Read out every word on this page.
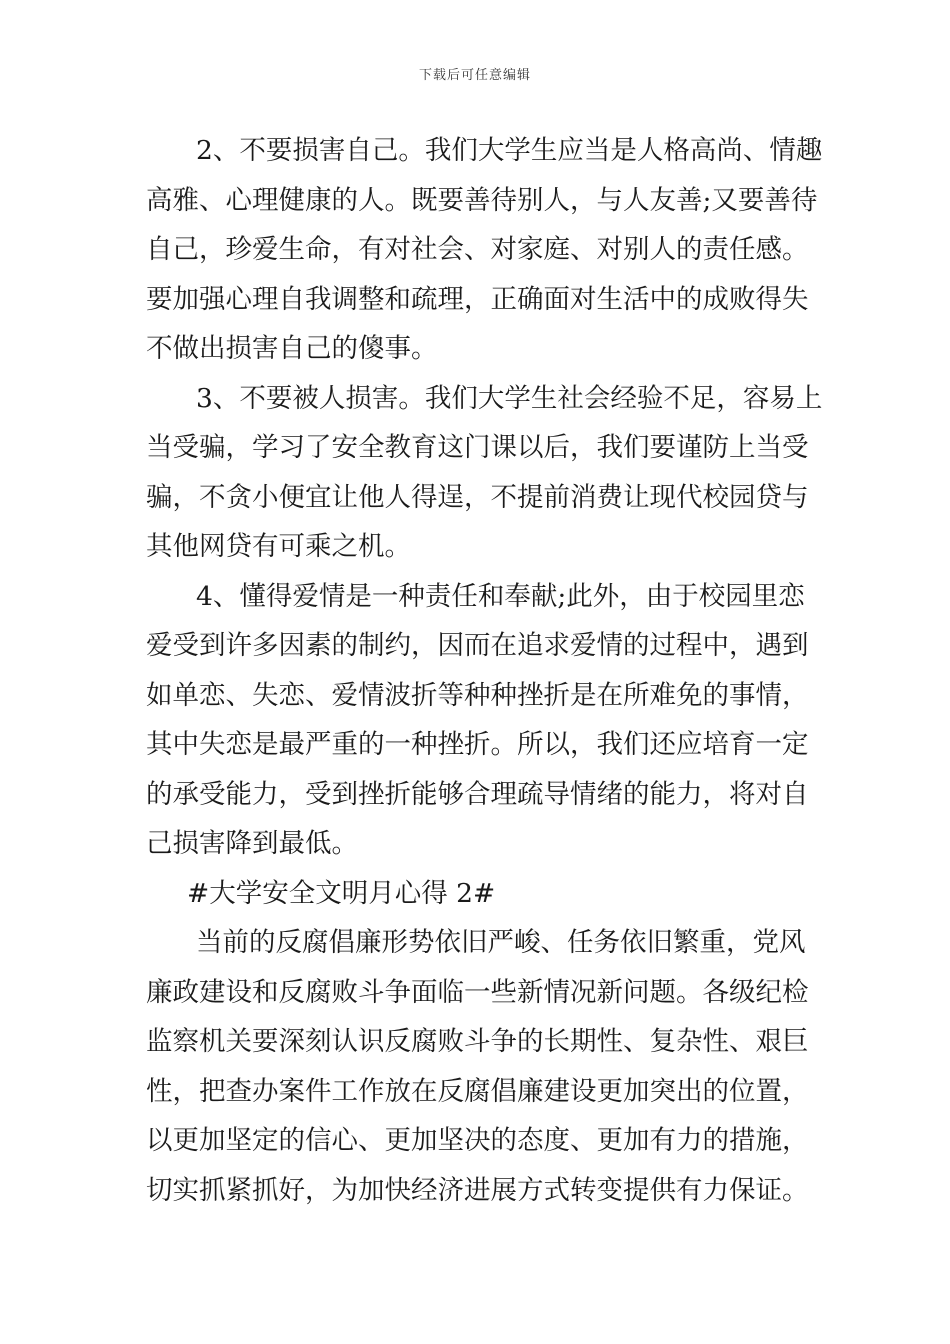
下载后可任意编辑

2、不要损害自己。我们大学生应当是人格高尚、情趣
高雅、心理健康的人。既要善待别人，与人友善;又要善待
自己，珍爱生命，有对社会、对家庭、对别人的责任感。
要加强心理自我调整和疏理，正确面对生活中的成败得失
不做出损害自己的傻事。

3、不要被人损害。我们大学生社会经验不足，容易上
当受骗，学习了安全教育这门课以后，我们要谨防上当受
骗，不贪小便宜让他人得逞，不提前消费让现代校园贷与
其他网贷有可乘之机。

4、懂得爱情是一种责任和奉献;此外，由于校园里恋
爱受到许多因素的制约，因而在追求爱情的过程中，遇到
如单恋、失恋、爱情波折等种种挫折是在所难免的事情，
其中失恋是最严重的一种挫折。所以，我们还应培育一定
的承受能力，受到挫折能够合理疏导情绪的能力，将对自
己损害降到最低。

#大学安全文明月心得 2#

当前的反腐倡廉形势依旧严峻、任务依旧繁重，党风
廉政建设和反腐败斗争面临一些新情况新问题。各级纪检
监察机关要深刻认识反腐败斗争的长期性、复杂性、艰巨
性，把查办案件工作放在反腐倡廉建设更加突出的位置，
以更加坚定的信心、更加坚决的态度、更加有力的措施，
切实抓紧抓好，为加快经济进展方式转变提供有力保证。
